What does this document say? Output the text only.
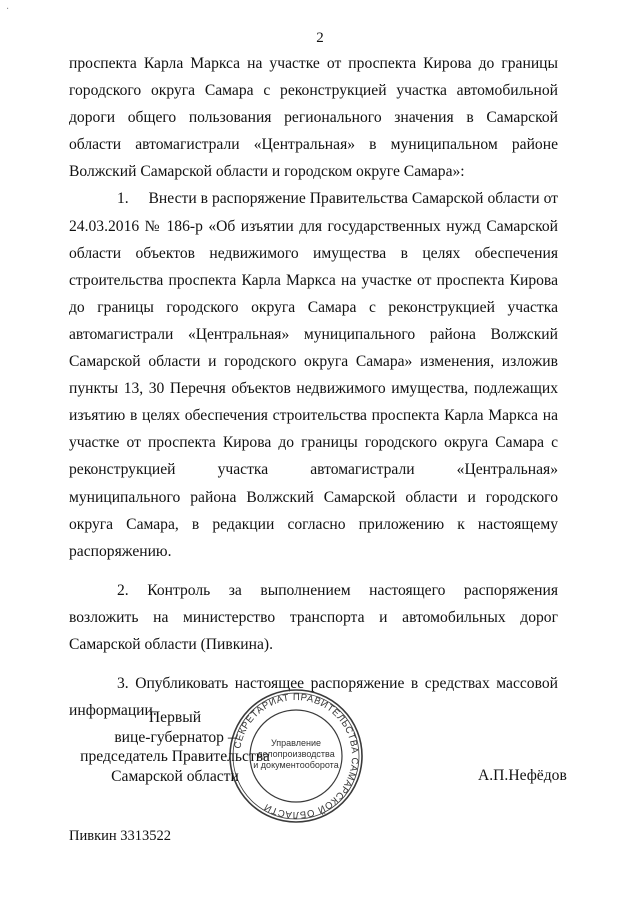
·
2

проспекта Карла Маркса на участке от проспекта Кирова до границы городского округа Самара с реконструкцией участка автомобильной дороги общего пользования регионального значения в Самарской области автомагистрали «Центральная» в муниципальном районе Волжский Самарской области и городском округе Самара»:

1.     Внести в распоряжение Правительства Самарской области от 24.03.2016 № 186-р «Об изъятии для государственных нужд Самарской области объектов недвижимого имущества в целях обеспечения строительства проспекта Карла Маркса на участке от проспекта Кирова до границы городского округа Самара с реконструкцией участка автомагистрали «Центральная» муниципального района Волжский Самарской области и городского округа Самара» изменения, изложив пункты 13, 30 Перечня объектов недвижимого имущества, подлежащих изъятию в целях обеспечения строительства проспекта Карла Маркса на участке от проспекта Кирова до границы городского округа Самара с реконструкцией участка автомагистрали «Центральная» муниципального района Волжский Самарской области и городского округа Самара, в редакции согласно приложению к настоящему распоряжению.

2. Контроль за выполнением настоящего распоряжения возложить на министерство транспорта и автомобильных дорог Самарской области (Пивкина).

3. Опубликовать настоящее распоряжение в средствах массовой информации.

СЕКРЕТАРИАТ ПРАВИТЕЛЬСТВА САМАРСКОЙ ОБЛАСТИ
Управление
делопроизводства
и документооборота
Первый
вице-губернатор –
председатель Правительства
Самарской области	А.П.Нефёдов
Пивкин 3313522
